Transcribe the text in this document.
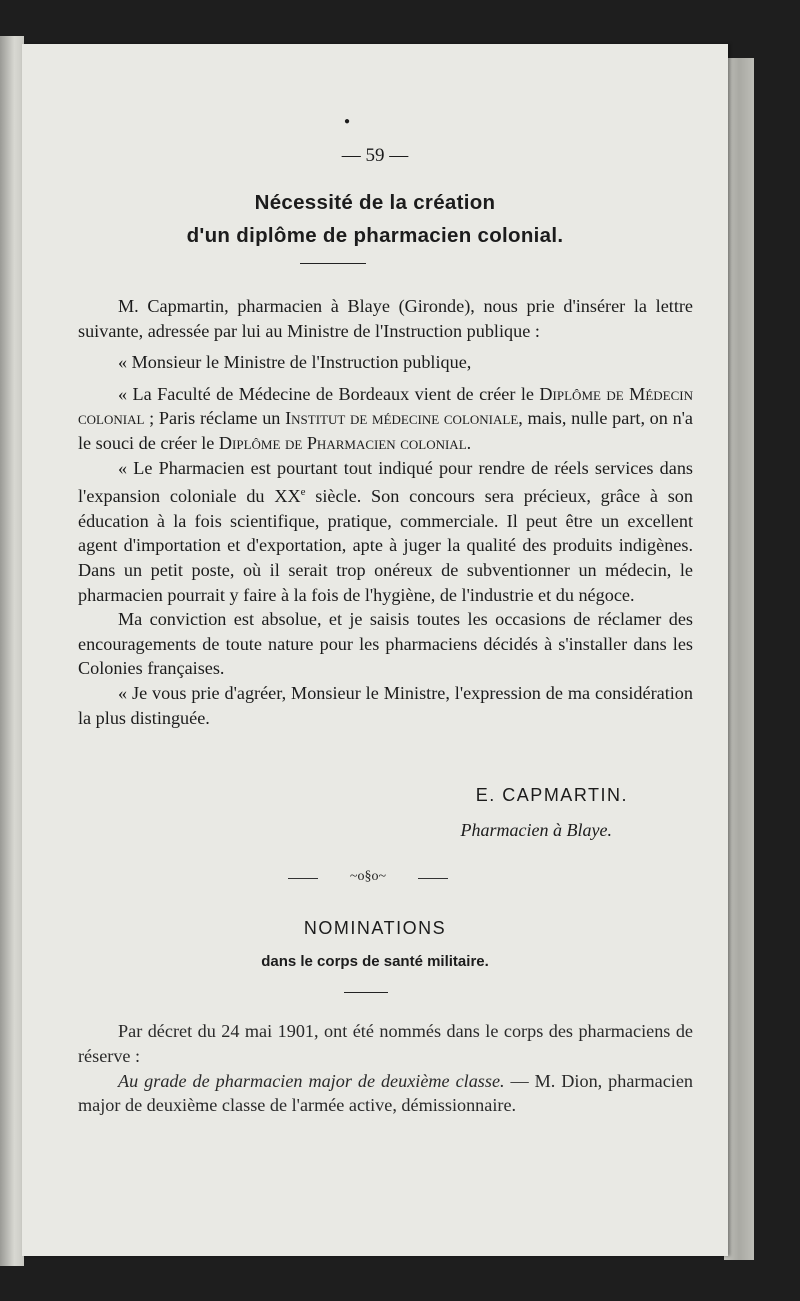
●
— 59 —
Nécessité de la création
d'un diplôme de pharmacien colonial.

M. Capmartin, pharmacien à Blaye (Gironde), nous prie d'insérer la lettre suivante, adressée par lui au Ministre de l'Instruction publique :

« Monsieur le Ministre de l'Instruction publique,

« La Faculté de Médecine de Bordeaux vient de créer le Diplôme de Médecin colonial ; Paris réclame un Institut de médecine coloniale, mais, nulle part, on n'a le souci de créer le Diplôme de Pharmacien colonial.

« Le Pharmacien est pourtant tout indiqué pour rendre de réels services dans l'expansion coloniale du XXe siècle. Son concours sera précieux, grâce à son éducation à la fois scientifique, pratique, commerciale. Il peut être un excellent agent d'importation et d'exportation, apte à juger la qualité des produits indigènes. Dans un petit poste, où il serait trop onéreux de subventionner un médecin, le pharmacien pourrait y faire à la fois de l'hygiène, de l'industrie et du négoce.

Ma conviction est absolue, et je saisis toutes les occasions de réclamer des encouragements de toute nature pour les pharmaciens décidés à s'installer dans les Colonies françaises.

« Je vous prie d'agréer, Monsieur le Ministre, l'expression de ma considération la plus distinguée.

E. CAPMARTIN.
Pharmacien à Blaye.
~o§o~
NOMINATIONS
dans le corps de santé militaire.

Par décret du 24 mai 1901, ont été nommés dans le corps des pharmaciens de réserve :

Au grade de pharmacien major de deuxième classe. — M. Dion, pharmacien major de deuxième classe de l'armée active, démissionnaire.
